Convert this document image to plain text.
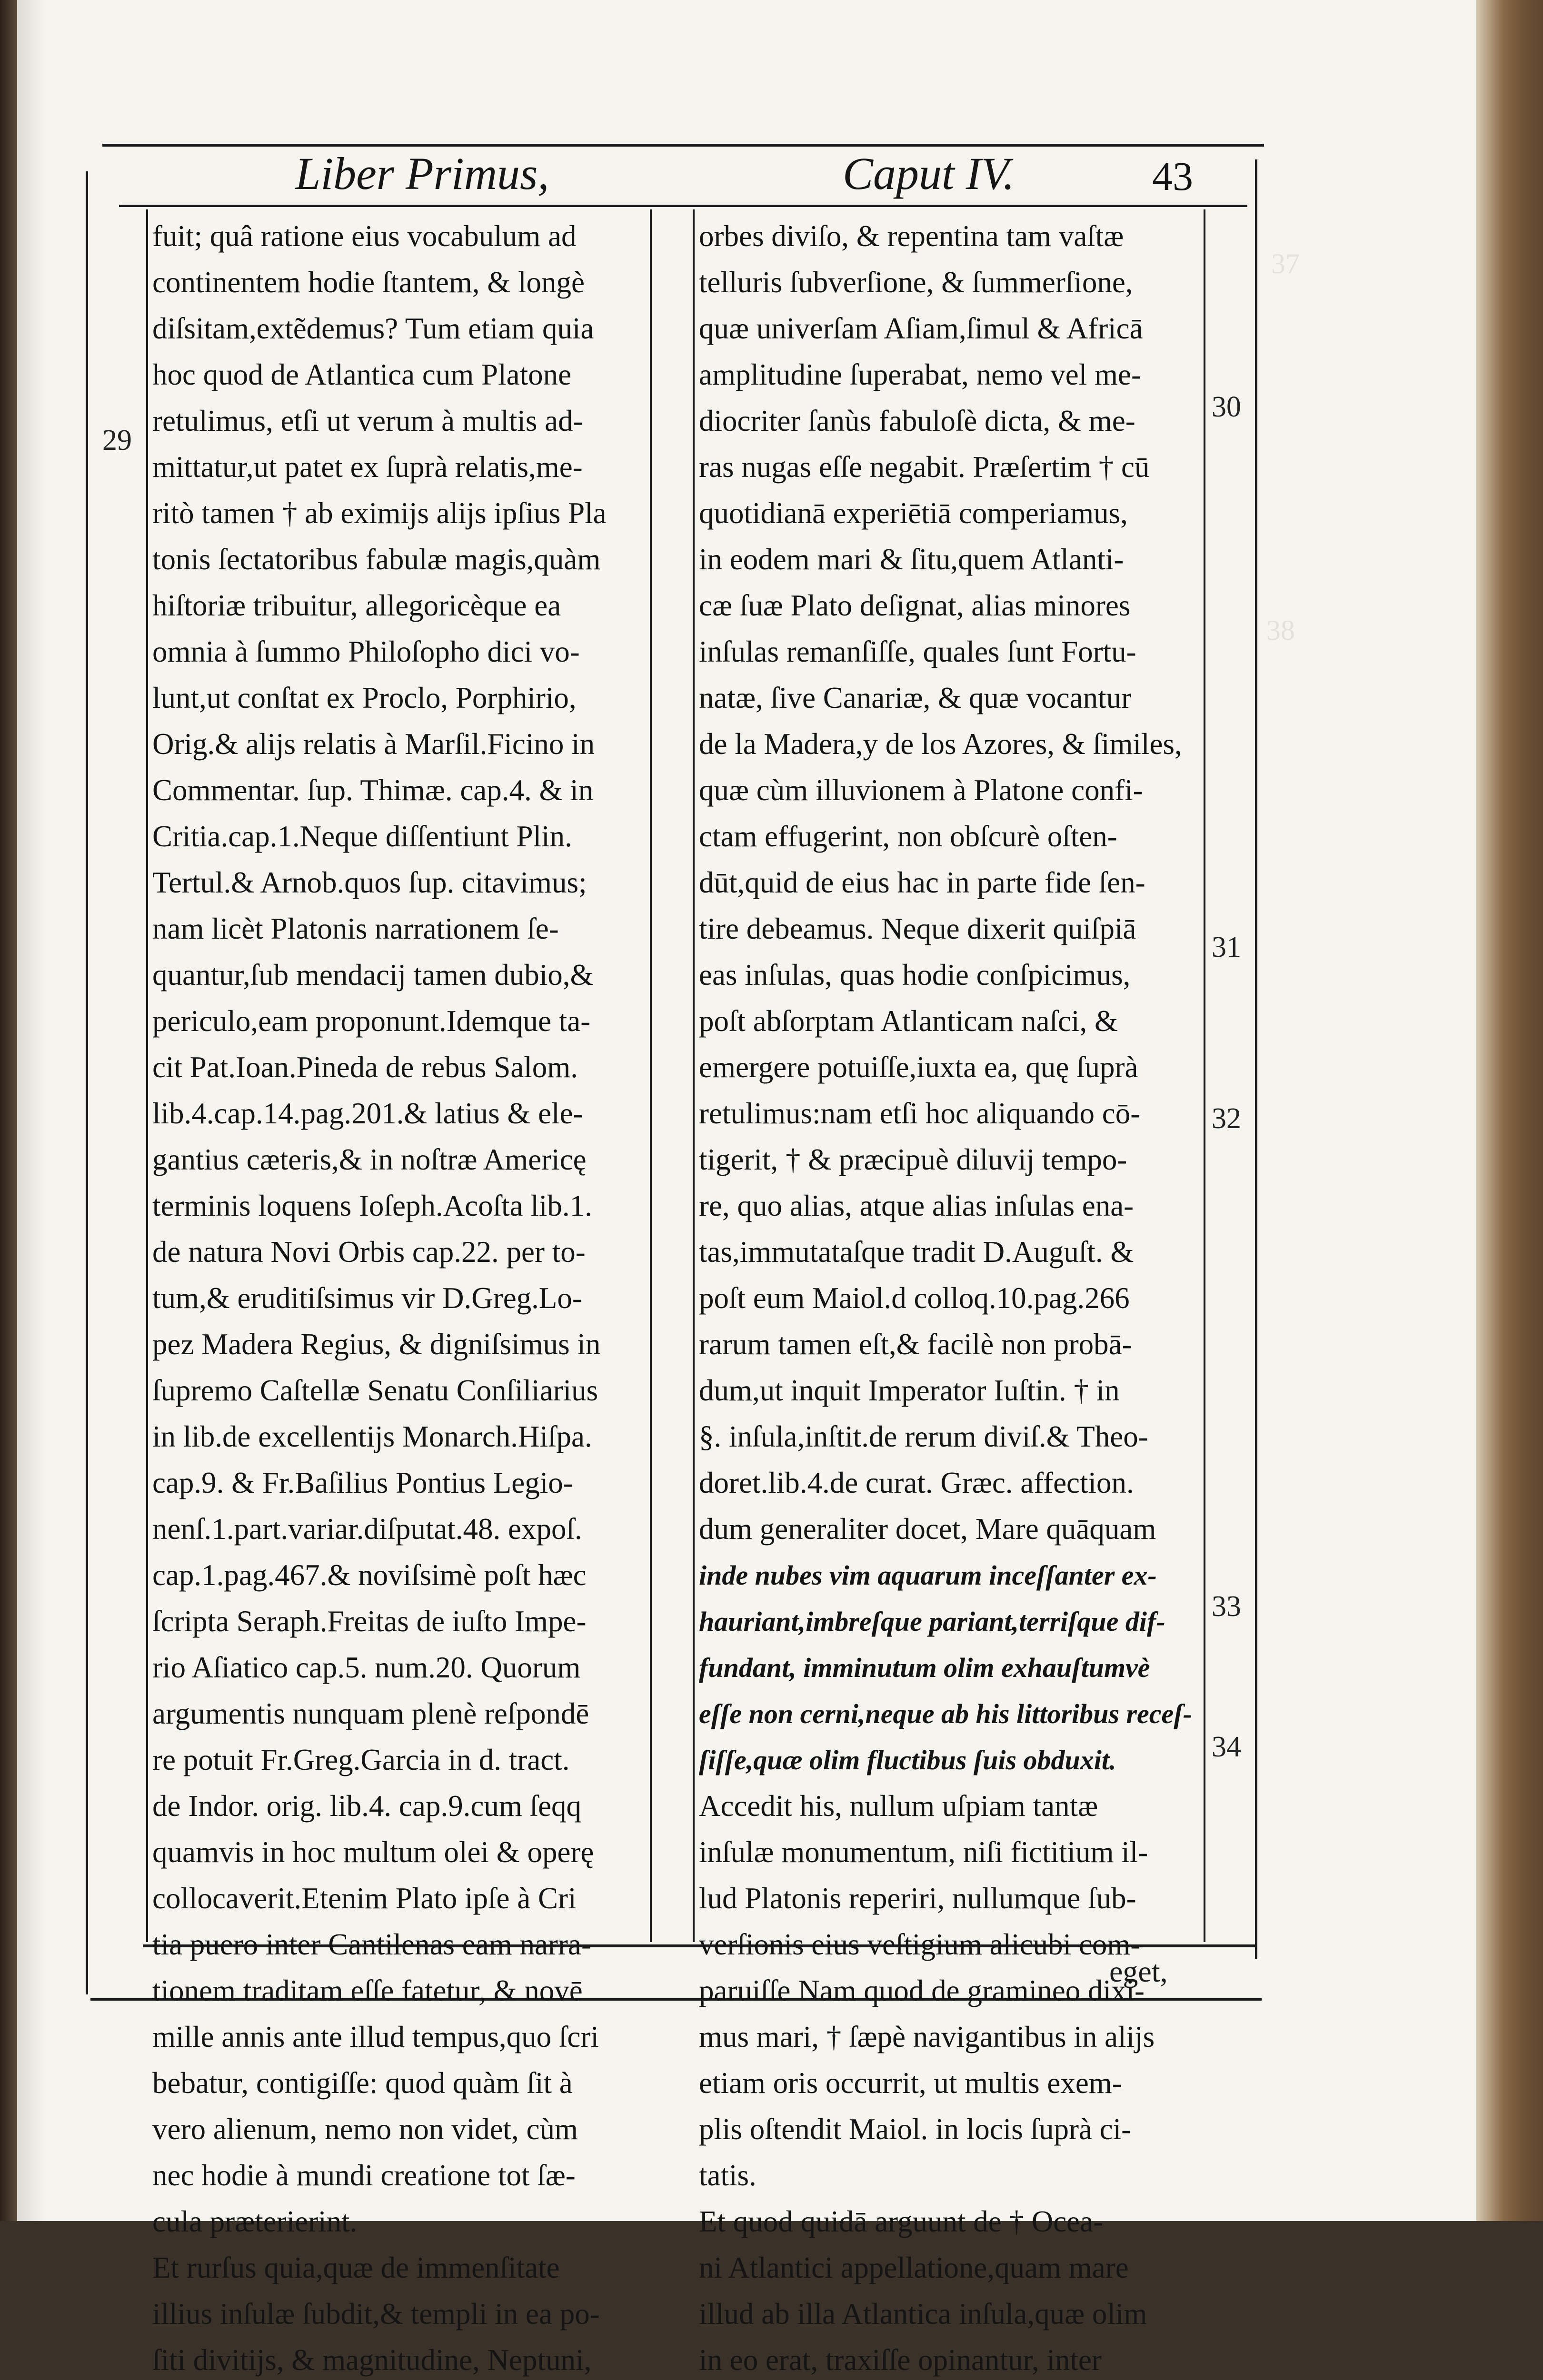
37
38
Liber Primus,	Caput IV.	43
fuit; quâ ratione eius vocabulum ad
continentem hodie ſtantem, & longè
diſsitam,extẽdemus? Tum etiam quia
hoc quod de Atlantica cum Platone
retulimus, etſi ut verum à multis ad-
mittatur,ut patet ex ſuprà relatis,me-
ritò tamen † ab eximijs alijs ipſius Pla
tonis ſectatoribus fabulæ magis,quàm
hiſtoriæ tribuitur, allegoricèque ea
omnia à ſummo Philoſopho dici vo-
lunt,ut conſtat ex Proclo, Porphirio,
Orig.& alijs relatis à Marſil.Ficino in
Commentar. ſup. Thimæ. cap.4. & in
Critia.cap.1.Neque diſſentiunt Plin.
Tertul.& Arnob.quos ſup. citavimus;
nam licèt Platonis narrationem ſe-
quantur,ſub mendacij tamen dubio,&
periculo,eam proponunt.Idemque ta-
cit Pat.Ioan.Pineda de rebus Salom.
lib.4.cap.14.pag.201.& latius & ele-
gantius cæteris,& in noſtræ Americę
terminis loquens Ioſeph.Acoſta lib.1.
de natura Novi Orbis cap.22. per to-
tum,& eruditiſsimus vir D.Greg.Lo-
pez Madera Regius, & digniſsimus in
ſupremo Caſtellæ Senatu Conſiliarius
in lib.de excellentijs Monarch.Hiſpa.
cap.9. & Fr.Baſilius Pontius Legio-
nenſ.1.part.variar.diſputat.48. expoſ.
cap.1.pag.467.& noviſsimè poſt hæc
ſcripta Seraph.Freitas de iuſto Impe-
rio Aſiatico cap.5. num.20. Quorum
argumentis nunquam plenè reſpondē
re potuit Fr.Greg.Garcia in d. tract.
de Indor. orig. lib.4. cap.9.cum ſeqq
quamvis in hoc multum olei & operę
collocaverit.Etenim Plato ipſe à Cri
tia puero inter Cantilenas eam narra-
tionem traditam eſſe fatetur, & novē
mille annis ante illud tempus,quo ſcri
bebatur, contigiſſe: quod quàm ſit à
vero alienum, nemo non videt, cùm
nec hodie à mundi creatione tot ſæ-
cula præterierint.
Et rurſus quia,quæ de immenſitate
illius inſulæ ſubdit,& templi in ea po-
ſiti divitijs, & magnitudine, Neptuni,
orbes diviſo, & repentina tam vaſtæ
telluris ſubverſione, & ſummerſione,
quæ univerſam Aſiam,ſimul & Africā
amplitudine ſuperabat, nemo vel me-
diocriter ſanùs fabuloſè dicta, & me-
ras nugas eſſe negabit. Præſertim † cū
quotidianā experiētiā comperiamus,
in eodem mari & ſitu,quem Atlanti-
cæ ſuæ Plato deſignat, alias minores
inſulas remanſiſſe, quales ſunt Fortu-
natæ, ſive Canariæ, & quæ vocantur
de la Madera,y de los Azores, & ſimiles,
quæ cùm illuvionem à Platone confi-
ctam effugerint, non obſcurè oſten-
dūt,quid de eius hac in parte fide ſen-
tire debeamus. Neque dixerit quiſpiā
eas inſulas, quas hodie conſpicimus,
poſt abſorptam Atlanticam naſci, &
emergere potuiſſe,iuxta ea, quę ſuprà
retulimus:nam etſi hoc aliquando cō-
tigerit, † & præcipuè diluvij tempo-
re, quo alias, atque alias inſulas ena-
tas,immutataſque tradit D.Auguſt. &
poſt eum Maiol.d colloq.10.pag.266
rarum tamen eſt,& facilè non probā-
dum,ut inquit Imperator Iuſtin. † in
§. inſula,inſtit.de rerum diviſ.& Theo-
doret.lib.4.de curat. Græc. affection.
dum generaliter docet, Mare quāquam
inde nubes vim aquarum inceſſanter ex-
hauriant,imbreſque pariant,terriſque dif-
fundant, imminutum olim exhauſtumvè
eſſe non cerni,neque ab his littoribus receſ-
ſiſſe,quæ olim fluctibus ſuis obduxit.
Accedit his, nullum uſpiam tantæ
inſulæ monumentum, niſi fictitium il-
lud Platonis reperiri, nullumque ſub-
verſionis eius veſtigium alicubi com-
paruiſſe Nam quod de gramineo dixi-
mus mari, † ſæpè navigantibus in alijs
etiam oris occurrit, ut multis exem-
plis oſtendit Maiol. in locis ſuprà ci-
tatis.
Et quod quidā arguunt de † Ocea-
ni Atlantici appellatione,quam mare
illud ab illa Atlantica inſula,quæ olim
in eo erat, traxiſſe opinantur, inter
29
30
31
32
33
34
eget,
